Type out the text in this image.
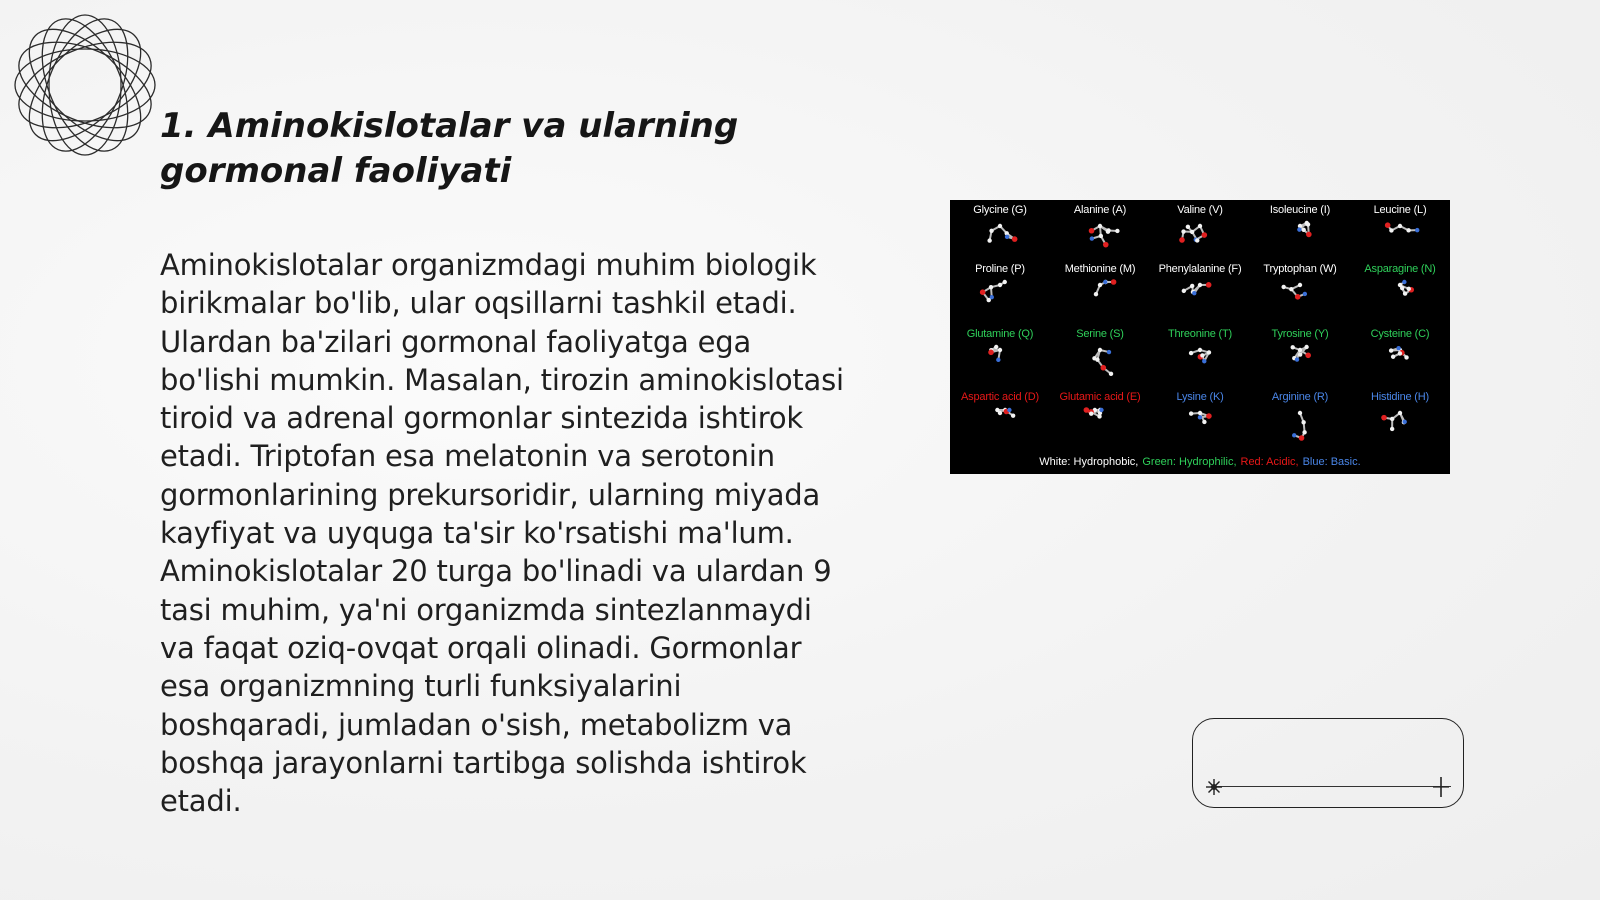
1. Aminokislotalar va ularning gormonal faoliyati

Aminokislotalar organizmdagi muhim biologik birikmalar bo'lib, ular oqsillarni tashkil etadi. Ulardan ba'zilari gormonal faoliyatga ega bo'lishi mumkin. Masalan, tirozin aminokislotasi tiroid va adrenal gormonlar sintezida ishtirok etadi. Triptofan esa melatonin va serotonin gormonlarining prekursoridir, ularning miyada kayfiyat va uyquga ta'sir ko'rsatishi ma'lum. Aminokislotalar 20 turga bo'linadi va ulardan 9 tasi muhim, ya'ni organizmda sintezlanmaydi va faqat oziq-ovqat orqali olinadi. Gormonlar esa organizmning turli funksiyalarini boshqaradi, jumladan o'sish, metabolizm va boshqa jarayonlarni tartibga solishda ishtirok etadi.

Glycine (G)	Alanine (A)	Valine (V)	Isoleucine (I)	Leucine (L)
Proline (P)	Methionine (M)	Phenylalanine (F)	Tryptophan (W)	Asparagine (N)
Glutamine (Q)	Serine (S)	Threonine (T)	Tyrosine (Y)	Cysteine (C)
Aspartic acid (D)	Glutamic acid (E)	Lysine (K)	Arginine (R)	Histidine (H)
White: Hydrophobic, Green: Hydrophilic, Red: Acidic, Blue: Basic.
